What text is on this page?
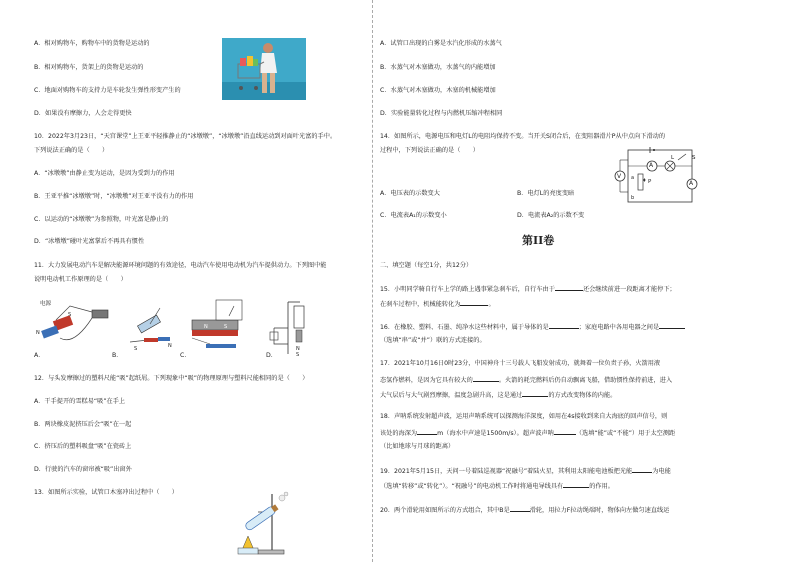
A．相对购物车，购物车中的货物是运动的
B．相对购物车，货架上的货物是运动的
C．地面对购物车的支持力是车轮发生弹性形变产生的
D．如果没有摩擦力，人会走得更快
10．2022年3月23日，“天宫课堂”上王亚平轻推静止的“冰墩墩”，“冰墩墩”沿直线运动到对面叶光富的手中。
下列说法正确的是（　　）
A．“冰墩墩”由静止变为运动，是因为受到力的作用
B．王亚平推“冰墩墩”时，“冰墩墩”对王亚平没有力的作用
C．以运动的“冰墩墩”为参照物，叶光富是静止的
D．“冰墩墩”碰叶光富掌后不再具有惯性
11．大力发展电动汽车是解决能源环境问题的有效途径，电动汽车使用电动机为汽车提供动力。下列图中能
说明电动机工作原理的是（　　）
N
S
S	N
N	S
N
S
电源
A．	B．	C．	D．
12．与头发摩擦过的塑料尺能“吸”起纸屑。下列现象中“吸”的物理原理与塑料尺能相同的是（　　）
A．干手提开的雪糕易“吸”在手上
B．两块橡皮泥挤压后会“吸”在一起
C．挤压后的塑料吸盘“吸”在瓷砖上
D．行驶的汽车的窗帘被“吸”出窗外
13．如图所示实验，试管口木塞冲出过程中（　　）
A．试管口出现的白雾是水汽化形成的水蒸气
B．水蒸气对木塞做功，水蒸气的内能增加
C．水蒸气对木塞做功，木塞的机械能增加
D．实验能量转化过程与内燃机压缩冲程相同
14．如图所示，电源电压和电灯L的电阻均保持不变。当开关S闭合后，在变阻器滑片P从中点向下滑动的
过程中，下列说法正确的是（　　）
S
L
V
A
A
P
a
b
A．电压表的示数变大	B．电灯L的亮度变暗
C．电流表A₁的示数变小	D．电流表A₂的示数不变
第II卷
二、填空题（每空1分，共12分）
15．小明同学骑自行车上学的路上遇事紧急刹车后，自行车由于	还会继续前进一段距离才能停下；
在刹车过程中，机械能转化为	。
16．在橡胶、塑料、石墨、纯净水这些材料中，属于导体的是	；家庭电路中各用电器之间是
（选填“串”或“并”）联的方式连接的。
17．2021年10月16日0时23分，中国神舟十三号载人飞船发射成功，就舞着一位负责子孙，火箭用液
态氢作燃料，是因为它具有较大的	。火箭的耗完燃料后仍自动飘离飞船，借助惯性保持前进，进入
大气层后与大气剧烈摩擦，温度急剧升高，这是通过	的方式改变物体的内能。
18．声呐系统发射超声波，运用声呐系统可以探测海洋深度，如用在4s接收到来自大海底的回声信号，则
该处的海深为	m（海水中声速是1500m/s）。超声波声呐	（选填“能”或“不能”）用于太空测距
（比如地球与月球的距离）
19．2021年5月15日，天问一号着陆巡视器“祝融号”着陆火星，其利用太阳能电池板把光能	为电能
（选填“转移”或“转化”）。“祝融号”的电动机工作时将通电导线具有	的作用。
20．两个滑轮用如图所示的方式组合，其中B是	滑轮，用拉力F拉动绳端时，物体向左做匀速直线运
